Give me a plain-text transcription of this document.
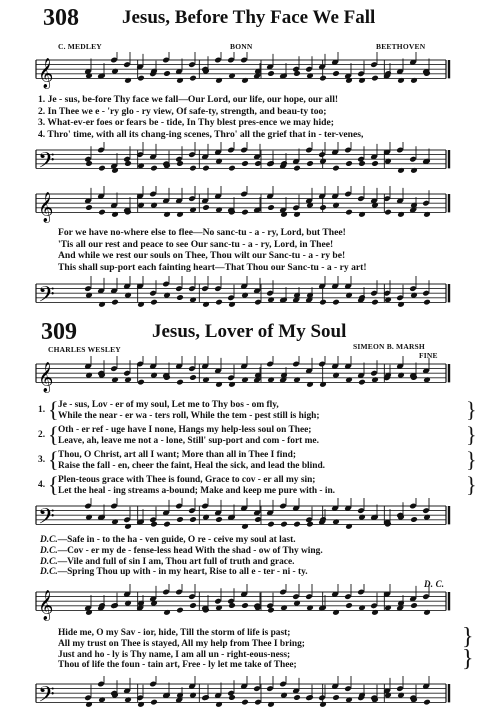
308 Jesus, Before Thy Face We Fall
C. MEDLEY	BONN	BEETHOVEN
𝄞
1. Je - sus, be-fore Thy face we fall—Our Lord, our life, our hope, our all!
2. In Thee we e - 'ry glo - ry view, Of safe-ty, strength, and beau-ty too;
3. What-ev-er foes or fears be - tide, In Thy blest pres-ence we may hide;
4. Thro' time, with all its chang-ing scenes, Thro' all the grief that in - ter-venes,
𝄢
𝄞
For we have no-where else to flee—No sanc-tu - a - ry, Lord, but Thee!
'Tis all our rest and peace to see Our sanc-tu - a - ry, Lord, in Thee!
And while we rest our souls on Thee, Thou wilt our Sanc-tu - a - ry be!
This shall sup-port each fainting heart—That Thou our Sanc-tu - a - ry art!
𝄢
309	Jesus, Lover of My Soul
CHARLES WESLEY	SIMEON B. MARSH
FINE
𝄞
1. { Je - sus, Lov - er of my soul, Let me to Thy bos - om fly,
While the near - er wa - ters roll, While the tem - pest still is high;	}
2. { Oth - er ref - uge have I none, Hangs my help-less soul on Thee;
Leave, ah, leave me not a - lone, Still' sup-port and com - fort me.	}
3. { Thou, O Christ, art all I want; More than all in Thee I find;
Raise the fall - en, cheer the faint, Heal the sick, and lead the blind.	}
4. { Plen-teous grace with Thee is found, Grace to cov - er all my sin;
Let the heal - ing streams a-bound; Make and keep me pure with - in.	}
𝄢
D.C.—Safe in - to the ha - ven guide, O re - ceive my soul at last.
D.C.—Cov - er my de - fense-less head With the shad - ow of Thy wing.
D.C.—Vile and full of sin I am, Thou art full of truth and grace.
D.C.—Spring Thou up with - in my heart, Rise to all e - ter - ni - ty.
D. C.
𝄞
Hide me, O my Sav - ior, hide, Till the storm of life is past;
All my trust on Thee is stayed, All my help from Thee I bring;
Just and ho - ly is Thy name, I am all un - right-eous-ness;
Thou of life the foun - tain art, Free - ly let me take of Thee;
}
}
𝄢
